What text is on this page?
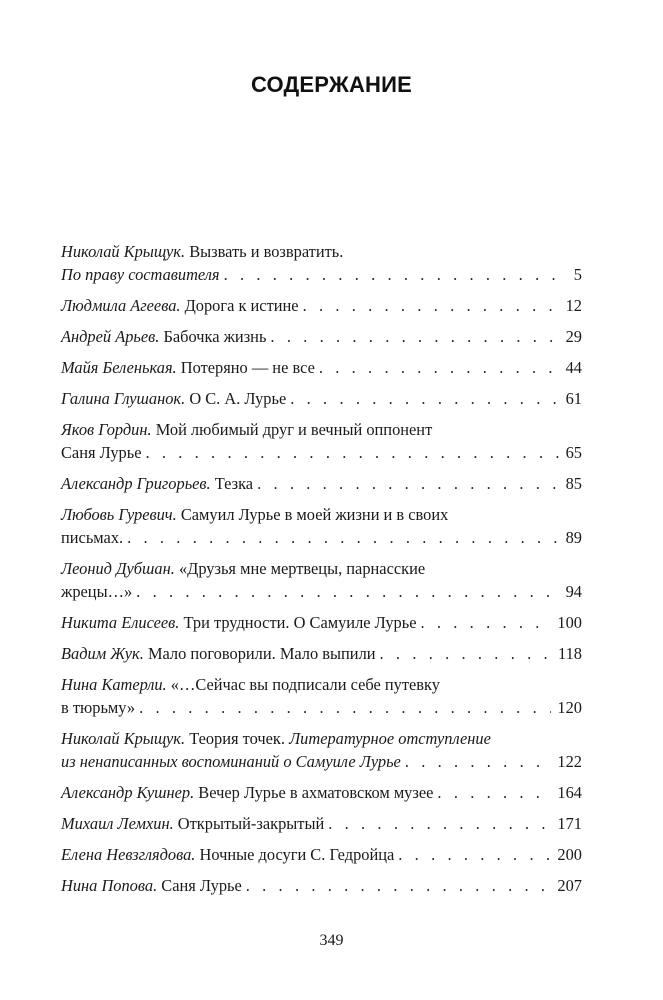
СОДЕРЖАНИЕ
Николай Крыщук. Вызвать и возвратить.
По праву составителя . . .	5
Людмила Агеева. Дорога к истине . . .	12
Андрей Арьев. Бабочка жизнь . . .	29
Майя Беленькая. Потеряно — не все . . .	44
Галина Глушанок. О С. А. Лурье . . .	61
Яков Гордин. Мой любимый друг и вечный оппонент
Саня Лурье . . .	65
Александр Григорьев. Тезка . . .	85
Любовь Гуревич. Самуил Лурье в моей жизни и в своих
письмах. . . .	89
Леонид Дубшан. «Друзья мне мертвецы, парнасские
жрецы…» . . .	94
Никита Елисеев. Три трудности. О Самуиле Лурье . . .	100
Вадим Жук. Мало поговорили. Мало выпили . . .	118
Нина Катерли. «…Сейчас вы подписали себе путевку
в тюрьму» . . .	120
Николай Крыщук. Теория точек. Литературное отступление
из ненаписанных воспоминаний о Самуиле Лурье . . .	122
Александр Кушнер. Вечер Лурье в ахматовском музее . . .	164
Михаил Лемхин. Открытый-закрытый . . .	171
Елена Невзглядова. Ночные досуги С. Гедройца . . .	200
Нина Попова. Саня Лурье . . .	207
349
